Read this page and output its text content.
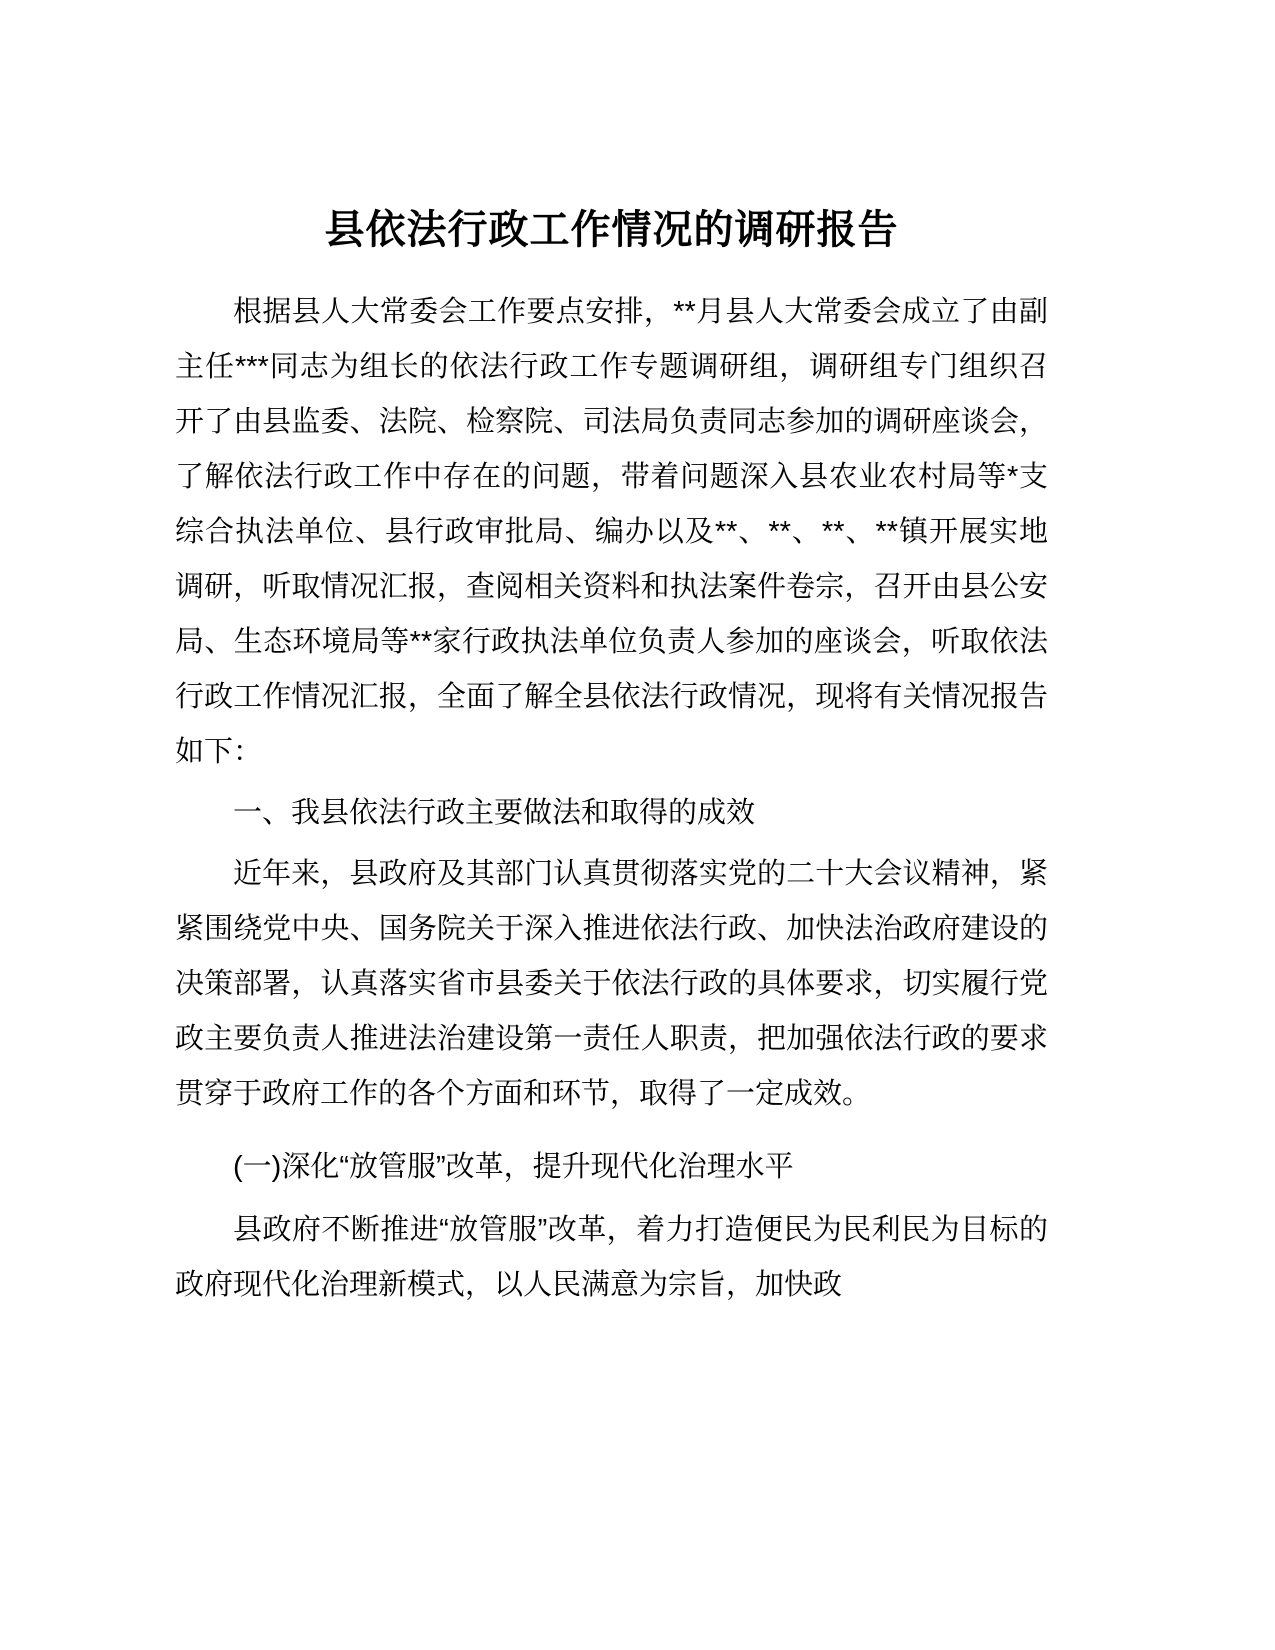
县依法行政工作情况的调研报告

根据县人大常委会工作要点安排，**月县人大常委会成立了由副主任***同志为组长的依法行政工作专题调研组，调研组专门组织召开了由县监委、法院、检察院、司法局负责同志参加的调研座谈会，了解依法行政工作中存在的问题，带着问题深入县农业农村局等*支综合执法单位、县行政审批局、编办以及**、**、**、**镇开展实地调研，听取情况汇报，查阅相关资料和执法案件卷宗，召开由县公安局、生态环境局等**家行政执法单位负责人参加的座谈会，听取依法行政工作情况汇报，全面了解全县依法行政情况，现将有关情况报告如下：

一、我县依法行政主要做法和取得的成效

近年来，县政府及其部门认真贯彻落实党的二十大会议精神，紧紧围绕党中央、国务院关于深入推进依法行政、加快法治政府建设的决策部署，认真落实省市县委关于依法行政的具体要求，切实履行党政主要负责人推进法治建设第一责任人职责，把加强依法行政的要求贯穿于政府工作的各个方面和环节，取得了一定成效。

(一)深化“放管服”改革，提升现代化治理水平

县政府不断推进“放管服”改革，着力打造便民为民利民为目标的政府现代化治理新模式，以人民满意为宗旨，加快政
